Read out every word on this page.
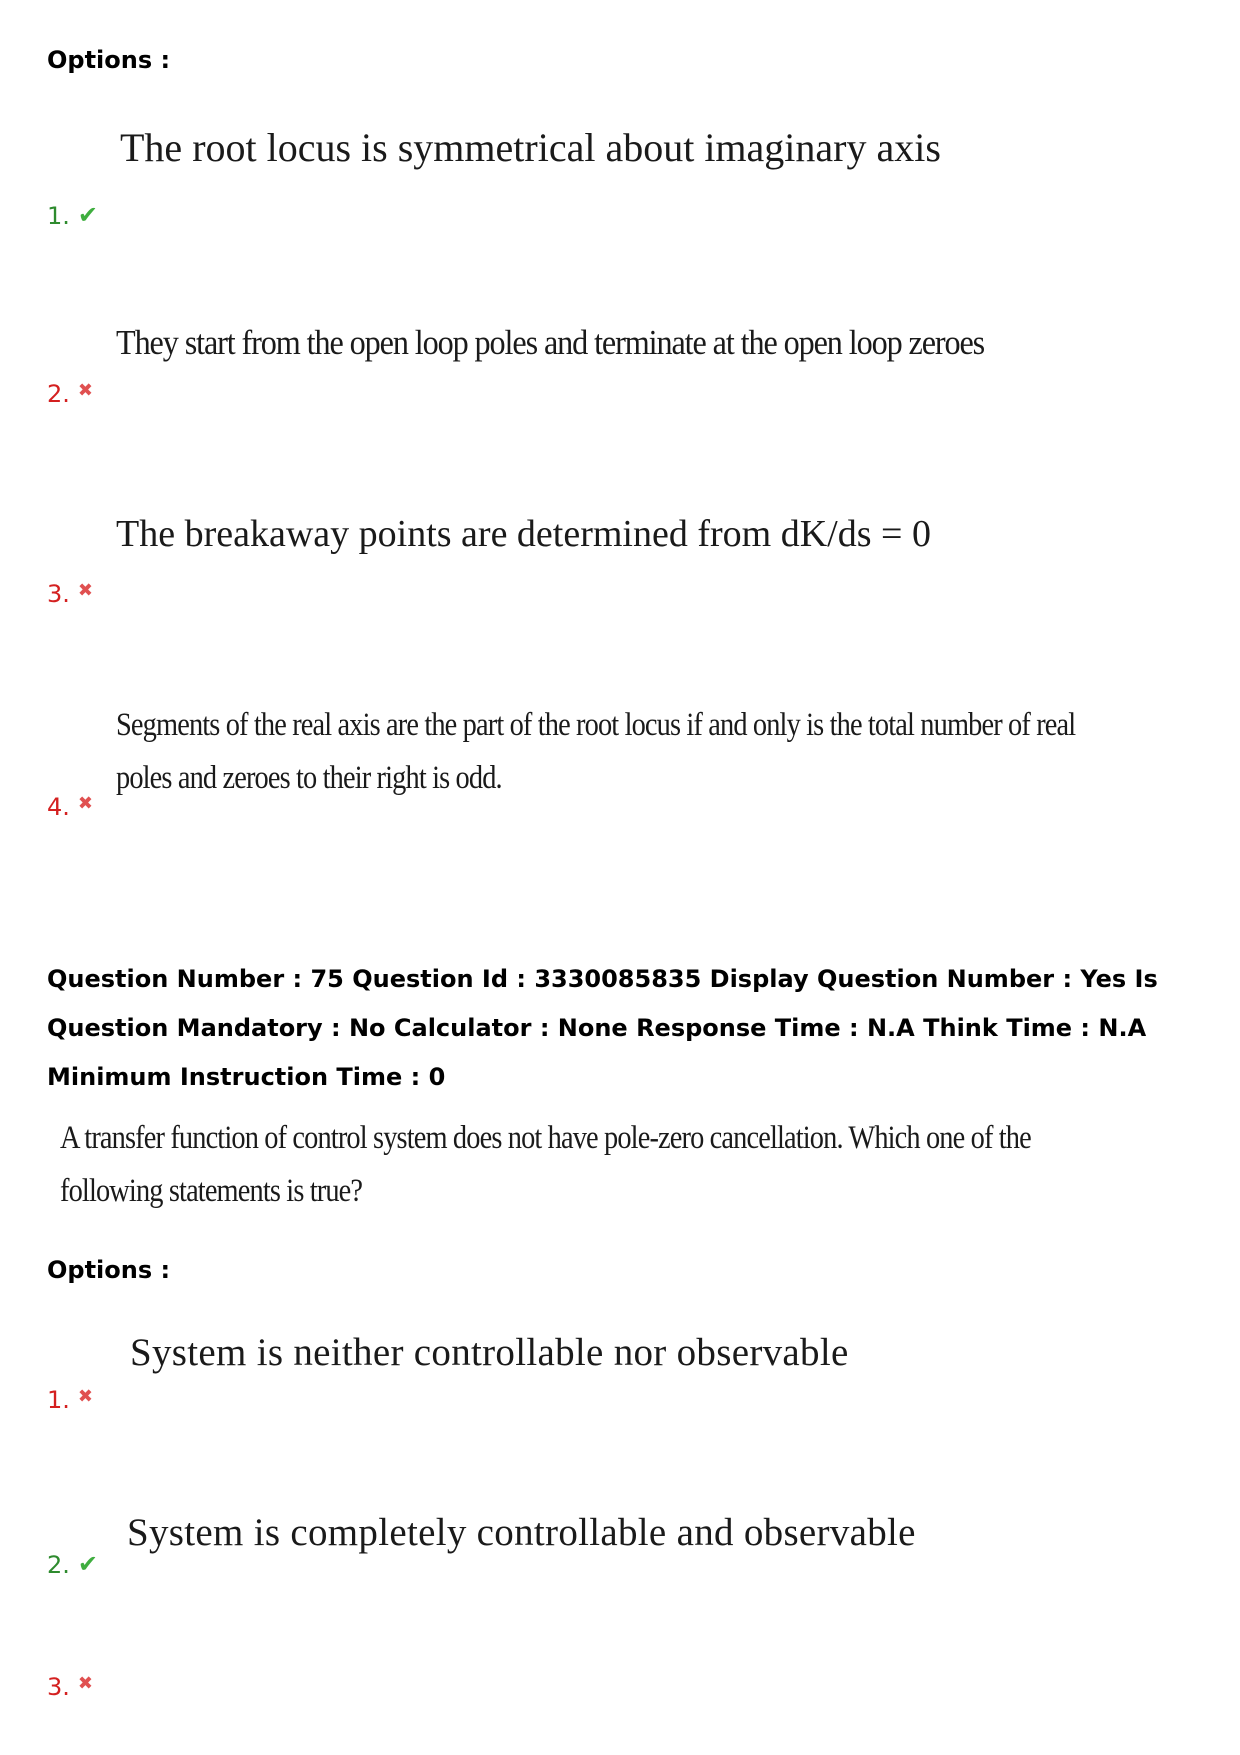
Options :
The root locus is symmetrical about imaginary axis
1. ✔
They start from the open loop poles and terminate at the open loop zeroes
2. ✖
The breakaway points are determined from dK/ds = 0
3. ✖
Segments of the real axis are the part of the root locus if and only is the total number of real
poles and zeroes to their right is odd.
4. ✖
Question Number : 75 Question Id : 3330085835 Display Question Number : Yes Is Question Mandatory : No Calculator : None Response Time : N.A Think Time : N.A Minimum Instruction Time : 0
A transfer function of control system does not have pole-zero cancellation. Which one of the
following statements is true?
Options :
System is neither controllable nor observable
1. ✖
System is completely controllable and observable
2. ✔
3. ✖
